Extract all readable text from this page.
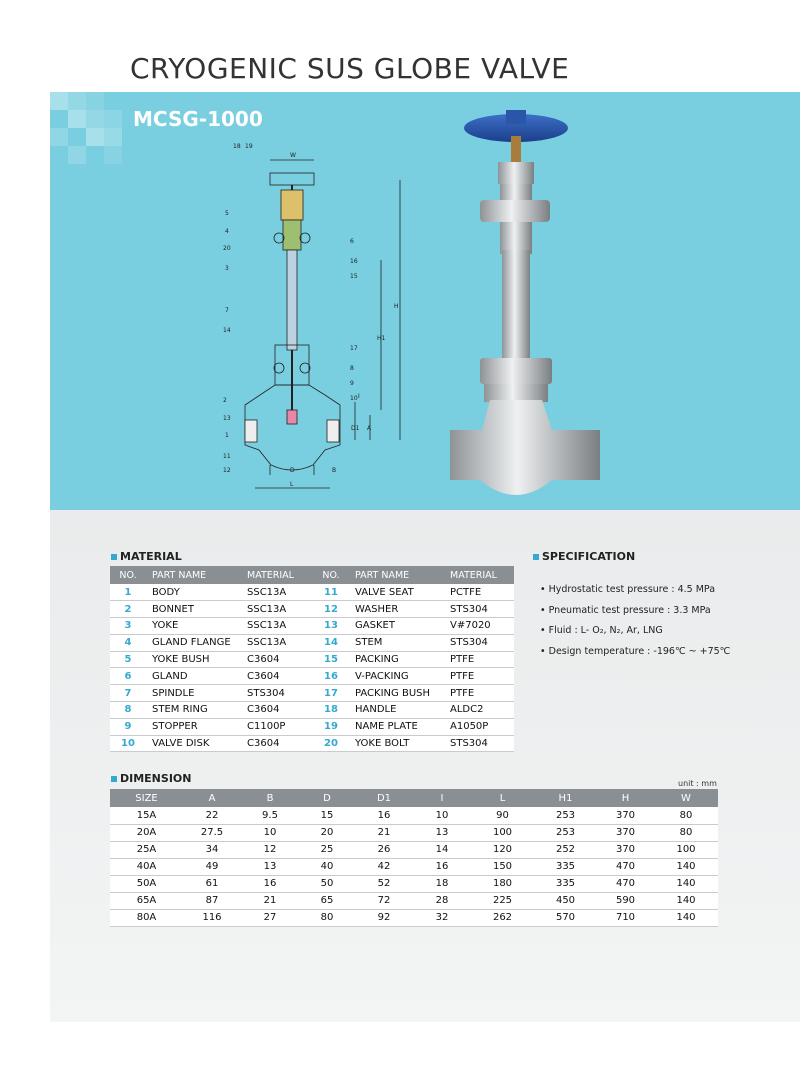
CRYOGENIC SUS GLOBE VALVE
MCSG-1000
18 19
W
5
4
20
3
6
16
15
7
14
H
H1
17
8
9
10
2
13
1
11
12
D1 A
D	B
L
I
MATERIAL
NO.	PART NAME	MATERIAL	NO.	PART NAME	MATERIAL
1	BODY	SSC13A	11	VALVE SEAT	PCTFE
2	BONNET	SSC13A	12	WASHER	STS304
3	YOKE	SSC13A	13	GASKET	V#7020
4	GLAND FLANGE	SSC13A	14	STEM	STS304
5	YOKE BUSH	C3604	15	PACKING	PTFE
6	GLAND	C3604	16	V-PACKING	PTFE
7	SPINDLE	STS304	17	PACKING BUSH	PTFE
8	STEM RING	C3604	18	HANDLE	ALDC2
9	STOPPER	C1100P	19	NAME PLATE	A1050P
10	VALVE DISK	C3604	20	YOKE BOLT	STS304
SPECIFICATION
• Hydrostatic test pressure : 4.5 MPa
• Pneumatic test pressure : 3.3 MPa
• Fluid : L- O₂, N₂, Ar, LNG
• Design temperature : -196℃ ~ +75℃
DIMENSION	unit : mm
SIZE	A	B	D	D1	I	L	H1	H	W
15A	22	9.5	15	16	10	90	253	370	80
20A	27.5	10	20	21	13	100	253	370	80
25A	34	12	25	26	14	120	252	370	100
40A	49	13	40	42	16	150	335	470	140
50A	61	16	50	52	18	180	335	470	140
65A	87	21	65	72	28	225	450	590	140
80A	116	27	80	92	32	262	570	710	140
